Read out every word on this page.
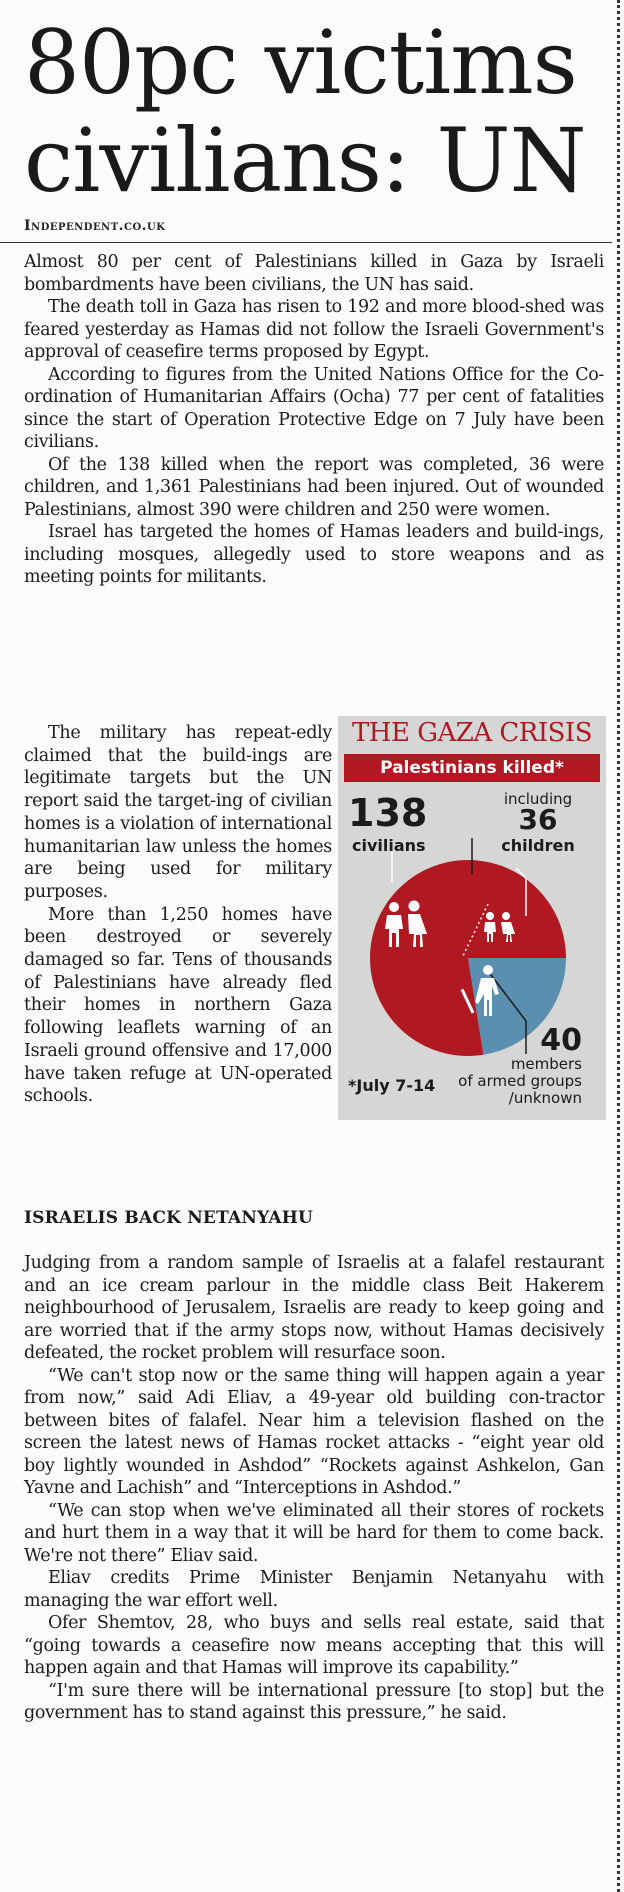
80pc victims
civilians: UN
Independent.co.uk

Almost 80 per cent of Palestinians killed in Gaza by Israeli bombardments have been civilians, the UN has said.

The death toll in Gaza has risen to 192 and more blood-shed was feared yesterday as Hamas did not follow the Israeli Government's approval of ceasefire terms proposed by Egypt.

According to figures from the United Nations Office for the Co-ordination of Humanitarian Affairs (Ocha) 77 per cent of fatalities since the start of Operation Protective Edge on 7 July have been civilians.

Of the 138 killed when the report was completed, 36 were children, and 1,361 Palestinians had been injured. Out of wounded Palestinians, almost 390 were children and 250 were women.

Israel has targeted the homes of Hamas leaders and build-ings, including mosques, allegedly used to store weapons and as meeting points for militants.

The military has repeat-edly claimed that the build-ings are legitimate targets but the UN report said the target-ing of civilian homes is a violation of international humanitarian law unless the homes are being used for military purposes.

More than 1,250 homes have been destroyed or severely damaged so far. Tens of thousands of Palestinians have already fled their homes in northern Gaza following leaflets warning of an Israeli ground offensive and 17,000 have taken refuge at UN-operated schools.

THE GAZA CRISIS
Palestinians killed*
138
civilians
including
36
children
40
members
of armed groups
/unknown
*July 7-14
ISRAELIS BACK NETANYAHU

Judging from a random sample of Israelis at a falafel restaurant and an ice cream parlour in the middle class Beit Hakerem neighbourhood of Jerusalem, Israelis are ready to keep going and are worried that if the army stops now, without Hamas decisively defeated, the rocket problem will resurface soon.

“We can't stop now or the same thing will happen again a year from now,” said Adi Eliav, a 49-year old building con-tractor between bites of falafel. Near him a television flashed on the screen the latest news of Hamas rocket attacks - “eight year old boy lightly wounded in Ashdod” “Rockets against Ashkelon, Gan Yavne and Lachish” and “Interceptions in Ashdod.”

“We can stop when we've eliminated all their stores of rockets and hurt them in a way that it will be hard for them to come back. We're not there” Eliav said.

Eliav credits Prime Minister Benjamin Netanyahu with managing the war effort well.

Ofer Shemtov, 28, who buys and sells real estate, said that “going towards a ceasefire now means accepting that this will happen again and that Hamas will improve its capability.”

“I'm sure there will be international pressure [to stop] but the government has to stand against this pressure,” he said.
